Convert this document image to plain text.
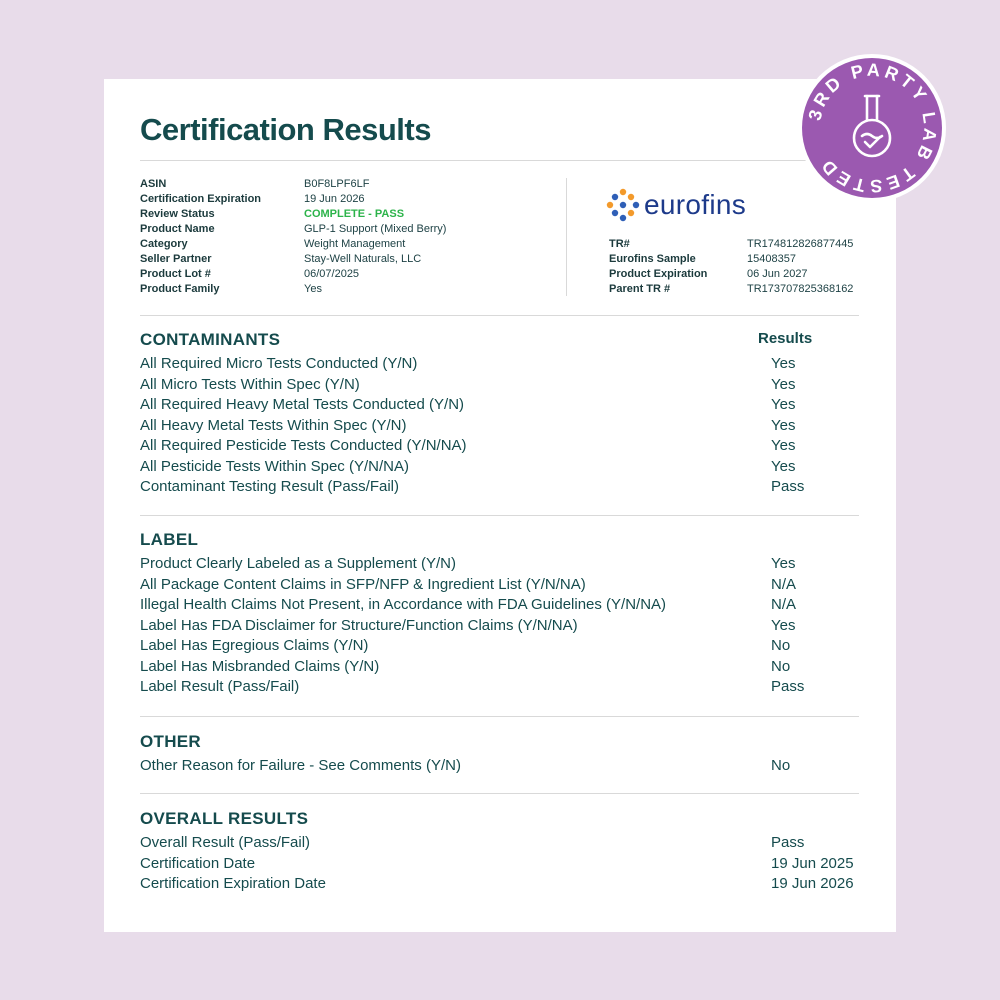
Certification Results
ASIN	B0F8LPF6LF
Certification Expiration	19 Jun 2026
Review Status	COMPLETE - PASS
Product Name	GLP-1 Support (Mixed Berry)
Category	Weight Management
Seller Partner	Stay-Well Naturals, LLC
Product Lot #	06/07/2025
Product Family	Yes
eurofins
TR#	TR174812826877445
Eurofins Sample	15408357
Product Expiration	06 Jun 2027
Parent TR #	TR173707825368162
CONTAMINANTS	Results
All Required Micro Tests Conducted (Y/N)	Yes
All Micro Tests Within Spec (Y/N)	Yes
All Required Heavy Metal Tests Conducted (Y/N)	Yes
All Heavy Metal Tests Within Spec (Y/N)	Yes
All Required Pesticide Tests Conducted (Y/N/NA)	Yes
All Pesticide Tests Within Spec (Y/N/NA)	Yes
Contaminant Testing Result (Pass/Fail)	Pass
LABEL
Product Clearly Labeled as a Supplement (Y/N)	Yes
All Package Content Claims in SFP/NFP & Ingredient List (Y/N/NA)	N/A
Illegal Health Claims Not Present, in Accordance with FDA Guidelines (Y/N/NA)	N/A
Label Has FDA Disclaimer for Structure/Function Claims (Y/N/NA)	Yes
Label Has Egregious Claims (Y/N)	No
Label Has Misbranded Claims (Y/N)	No
Label Result (Pass/Fail)	Pass
OTHER
Other Reason for Failure - See Comments (Y/N)	No
OVERALL RESULTS
Overall Result (Pass/Fail)	Pass
Certification Date	19 Jun 2025
Certification Expiration Date	19 Jun 2026
3RD PARTY LAB TESTED
